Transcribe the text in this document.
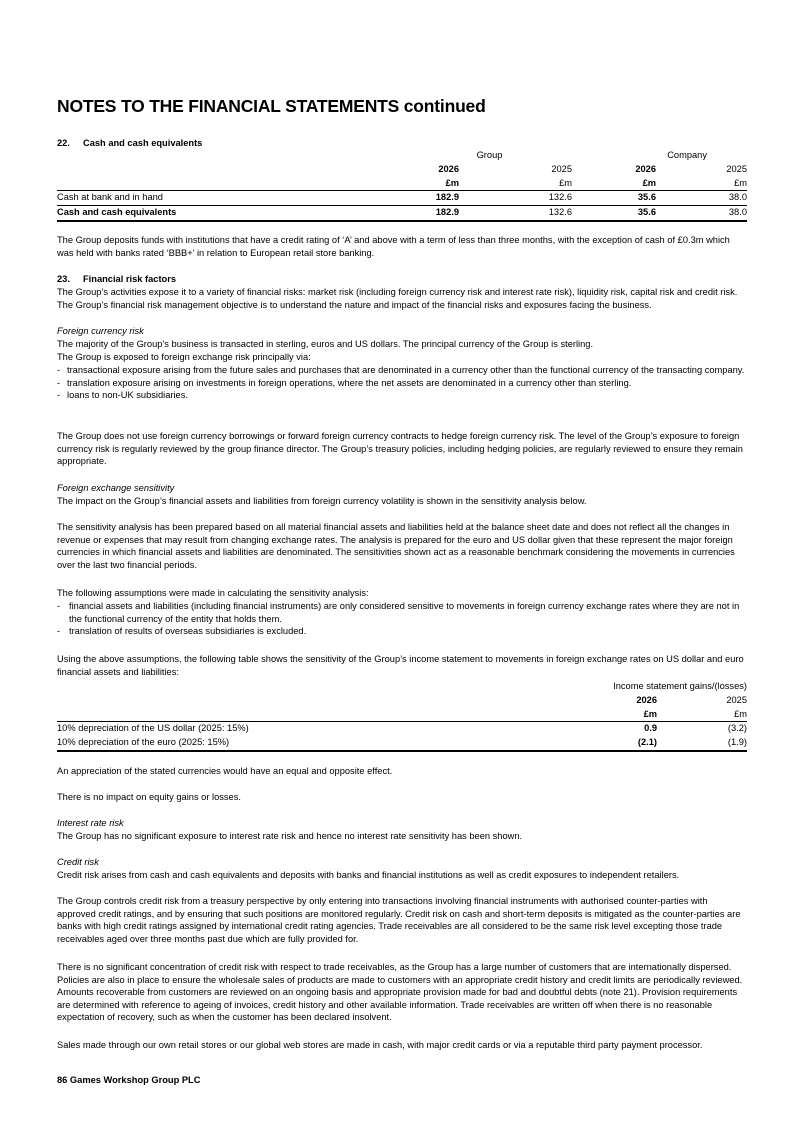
NOTES TO THE FINANCIAL STATEMENTS continued
22. Cash and cash equivalents
	Group		Company	
	2026	2025	2026	2025
	£m	£m	£m	£m
Cash at bank and in hand	182.9	132.6	35.6	38.0
Cash and cash equivalents	182.9	132.6	35.6	38.0

The Group deposits funds with institutions that have a credit rating of ‘A’ and above with a term of less than three months, with the exception of cash of £0.3m which was held with banks rated ‘BBB+’ in relation to European retail store banking.

23. Financial risk factors

The Group’s activities expose it to a variety of financial risks: market risk (including foreign currency risk and interest rate risk), liquidity risk, capital risk and credit risk. The Group’s financial risk management objective is to understand the nature and impact of the financial risks and exposures facing the business.

Foreign currency risk

The majority of the Group’s business is transacted in sterling, euros and US dollars. The principal currency of the Group is sterling.

The Group is exposed to foreign exchange risk principally via:

- transactional exposure arising from the future sales and purchases that are denominated in a currency other than the functional currency of the transacting company.
- translation exposure arising on investments in foreign operations, where the net assets are denominated in a currency other than sterling.
- loans to non-UK subsidiaries.

The Group does not use foreign currency borrowings or forward foreign currency contracts to hedge foreign currency risk. The level of the Group’s exposure to foreign currency risk is regularly reviewed by the group finance director. The Group’s treasury policies, including hedging policies, are regularly reviewed to ensure they remain appropriate.

Foreign exchange sensitivity

The impact on the Group’s financial assets and liabilities from foreign currency volatility is shown in the sensitivity analysis below.

The sensitivity analysis has been prepared based on all material financial assets and liabilities held at the balance sheet date and does not reflect all the changes in revenue or expenses that may result from changing exchange rates. The analysis is prepared for the euro and US dollar given that these represent the major foreign currencies in which financial assets and liabilities are denominated. The sensitivities shown act as a reasonable benchmark considering the movements in currencies over the last two financial periods.

The following assumptions were made in calculating the sensitivity analysis:

- financial assets and liabilities (including financial instruments) are only considered sensitive to movements in foreign currency exchange rates where they are not in the functional currency of the entity that holds them.
- translation of results of overseas subsidiaries is excluded.

Using the above assumptions, the following table shows the sensitivity of the Group’s income statement to movements in foreign exchange rates on US dollar and euro financial assets and liabilities:

	Income statement gains/(losses)	
	2026	2025
	£m	£m
10% depreciation of the US dollar (2025: 15%)	0.9	(3.2)
10% depreciation of the euro (2025: 15%)	(2.1)	(1.9)

An appreciation of the stated currencies would have an equal and opposite effect.

There is no impact on equity gains or losses.

Interest rate risk

The Group has no significant exposure to interest rate risk and hence no interest rate sensitivity has been shown.

Credit risk

Credit risk arises from cash and cash equivalents and deposits with banks and financial institutions as well as credit exposures to independent retailers.

The Group controls credit risk from a treasury perspective by only entering into transactions involving financial instruments with authorised counter-parties with approved credit ratings, and by ensuring that such positions are monitored regularly. Credit risk on cash and short-term deposits is mitigated as the counter-parties are banks with high credit ratings assigned by international credit rating agencies. Trade receivables are all considered to be the same risk level excepting those trade receivables aged over three months past due which are fully provided for.

There is no significant concentration of credit risk with respect to trade receivables, as the Group has a large number of customers that are internationally dispersed. Policies are also in place to ensure the wholesale sales of products are made to customers with an appropriate credit history and credit limits are periodically reviewed. Amounts recoverable from customers are reviewed on an ongoing basis and appropriate provision made for bad and doubtful debts (note 21). Provision requirements are determined with reference to ageing of invoices, credit history and other available information. Trade receivables are written off when there is no reasonable expectation of recovery, such as when the customer has been declared insolvent.

Sales made through our own retail stores or our global web stores are made in cash, with major credit cards or via a reputable third party payment processor.

86 Games Workshop Group PLC
